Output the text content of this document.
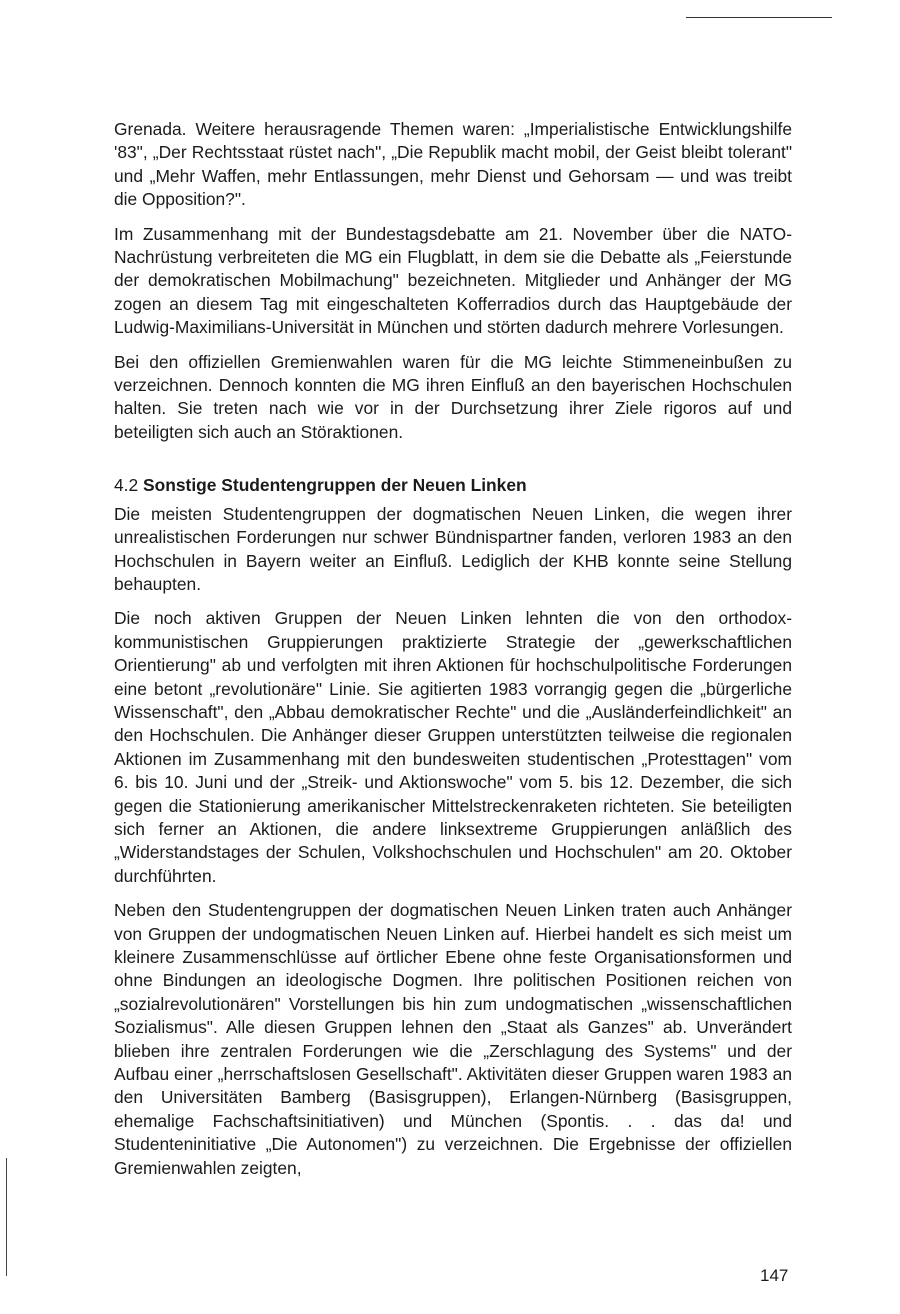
Grenada. Weitere herausragende Themen waren: „Imperialistische Entwicklungshilfe '83", „Der Rechtsstaat rüstet nach", „Die Republik macht mobil, der Geist bleibt tolerant" und „Mehr Waffen, mehr Entlassungen, mehr Dienst und Gehorsam — und was treibt die Opposition?".

Im Zusammenhang mit der Bundestagsdebatte am 21. November über die NATO-Nachrüstung verbreiteten die MG ein Flugblatt, in dem sie die Debatte als „Feierstunde der demokratischen Mobilmachung" bezeichneten. Mitglieder und Anhänger der MG zogen an diesem Tag mit eingeschalteten Kofferradios durch das Hauptgebäude der Ludwig-Maximilians-Universität in München und störten dadurch mehrere Vorlesungen.

Bei den offiziellen Gremienwahlen waren für die MG leichte Stimmeneinbußen zu verzeichnen. Dennoch konnten die MG ihren Einfluß an den bayerischen Hochschulen halten. Sie treten nach wie vor in der Durchsetzung ihrer Ziele rigoros auf und beteiligten sich auch an Störaktionen.

4.2 Sonstige Studentengruppen der Neuen Linken

Die meisten Studentengruppen der dogmatischen Neuen Linken, die wegen ihrer unrealistischen Forderungen nur schwer Bündnispartner fanden, verloren 1983 an den Hochschulen in Bayern weiter an Einfluß. Lediglich der KHB konnte seine Stellung behaupten.

Die noch aktiven Gruppen der Neuen Linken lehnten die von den orthodox-kommunistischen Gruppierungen praktizierte Strategie der „gewerkschaftlichen Orientierung" ab und verfolgten mit ihren Aktionen für hochschulpolitische Forderungen eine betont „revolutionäre" Linie. Sie agitierten 1983 vorrangig gegen die „bürgerliche Wissenschaft", den „Abbau demokratischer Rechte" und die „Ausländerfeindlichkeit" an den Hochschulen. Die Anhänger dieser Gruppen unterstützten teilweise die regionalen Aktionen im Zusammenhang mit den bundesweiten studentischen „Protesttagen" vom 6. bis 10. Juni und der „Streik- und Aktionswoche" vom 5. bis 12. Dezember, die sich gegen die Stationierung amerikanischer Mittelstreckenraketen richteten. Sie beteiligten sich ferner an Aktionen, die andere linksextreme Gruppierungen anläßlich des „Widerstandstages der Schulen, Volkshochschulen und Hochschulen" am 20. Oktober durchführten.

Neben den Studentengruppen der dogmatischen Neuen Linken traten auch Anhänger von Gruppen der undogmatischen Neuen Linken auf. Hierbei handelt es sich meist um kleinere Zusammenschlüsse auf örtlicher Ebene ohne feste Organisationsformen und ohne Bindungen an ideologische Dogmen. Ihre politischen Positionen reichen von „sozialrevolutionären" Vorstellungen bis hin zum undogmatischen „wissenschaftlichen Sozialismus". Alle diesen Gruppen lehnen den „Staat als Ganzes" ab. Unverändert blieben ihre zentralen Forderungen wie die „Zerschlagung des Systems" und der Aufbau einer „herrschaftslosen Gesellschaft". Aktivitäten dieser Gruppen waren 1983 an den Universitäten Bamberg (Basisgruppen), Erlangen-Nürnberg (Basisgruppen, ehemalige Fachschaftsinitiativen) und München (Spontis. . . das da! und Studenteninitiative „Die Autonomen") zu verzeichnen. Die Ergebnisse der offiziellen Gremienwahlen zeigten,

147
